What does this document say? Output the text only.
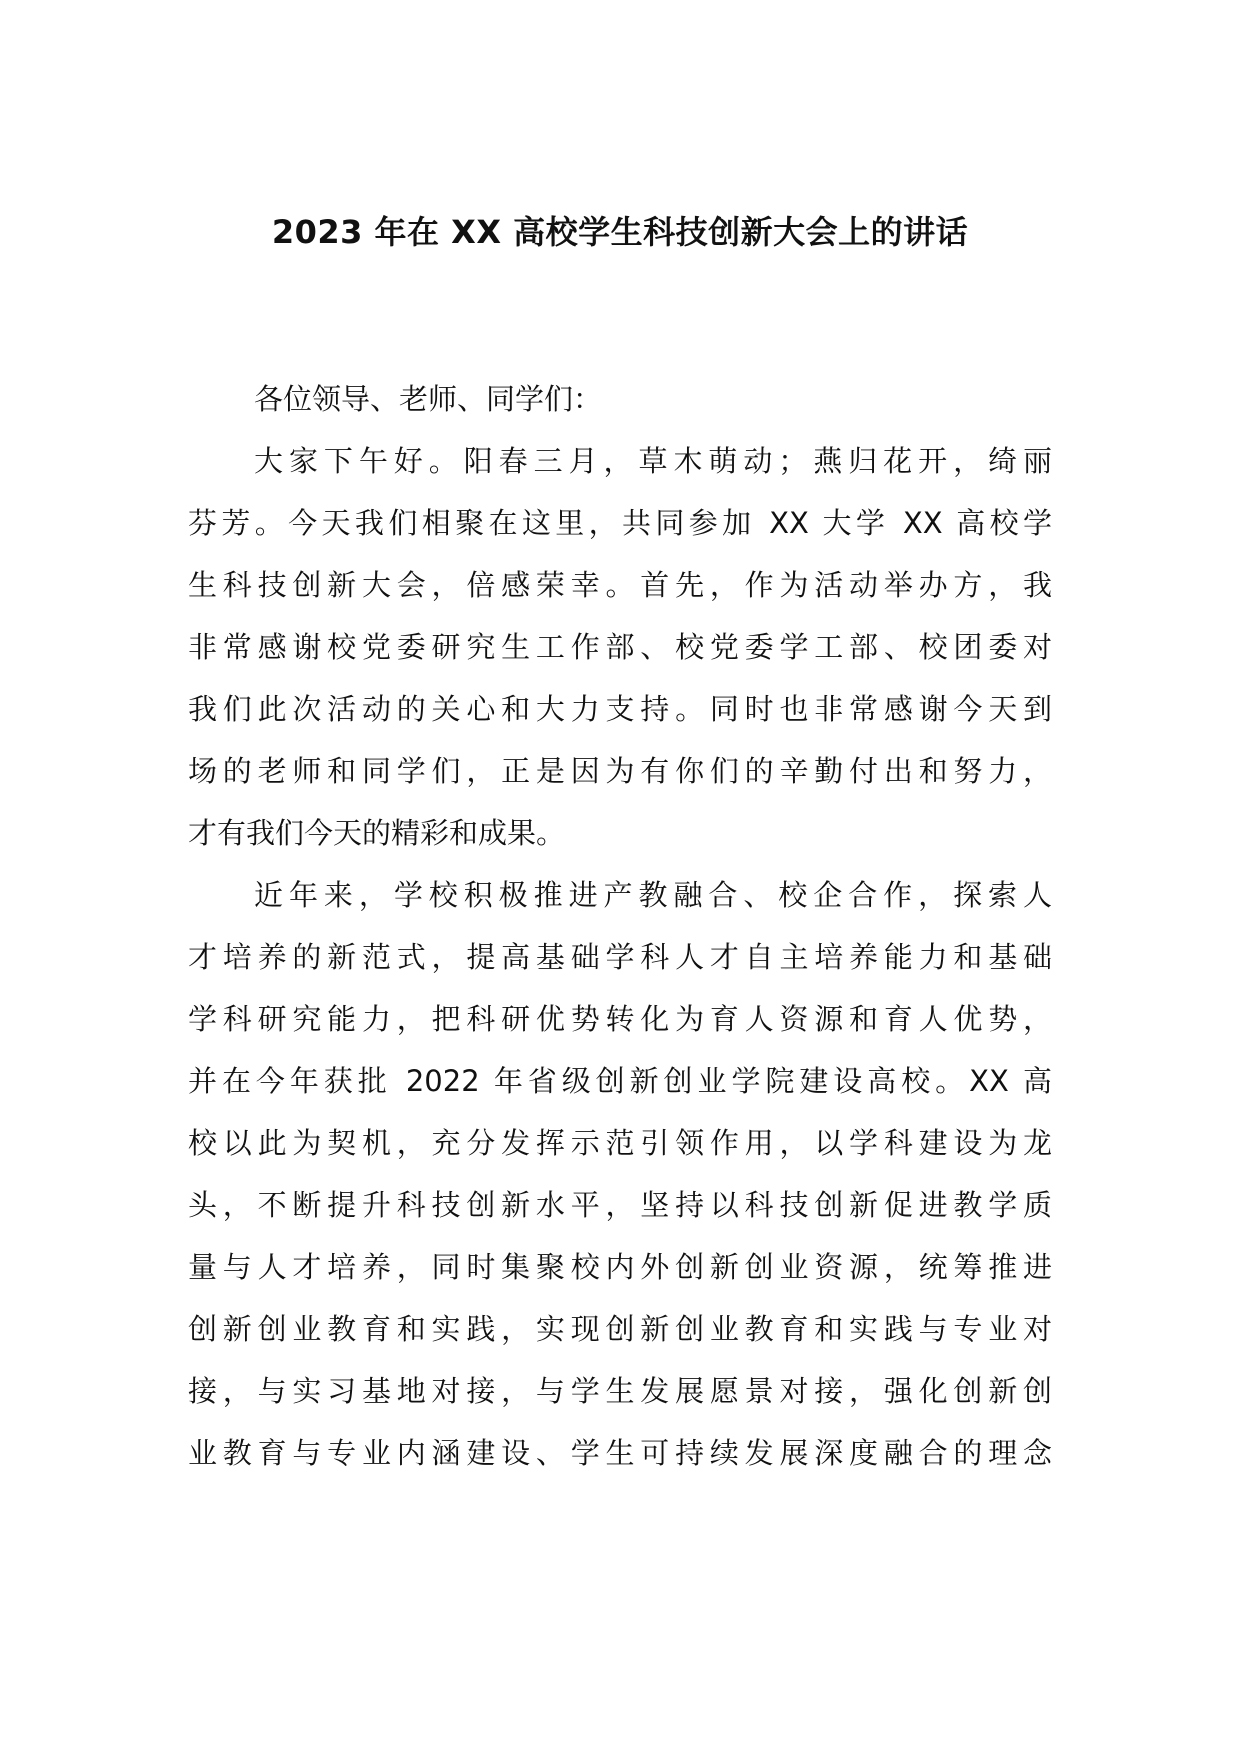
2023 年在 XX 高校学生科技创新大会上的讲话
各位领导、老师、同学们：
大家下午好。阳春三月，草木萌动；燕归花开，绮丽
芬芳。今天我们相聚在这里，共同参加 XX 大学 XX 高校学
生科技创新大会，倍感荣幸。首先，作为活动举办方，我
非常感谢校党委研究生工作部、校党委学工部、校团委对
我们此次活动的关心和大力支持。同时也非常感谢今天到
场的老师和同学们，正是因为有你们的辛勤付出和努力，
才有我们今天的精彩和成果。
近年来，学校积极推进产教融合、校企合作，探索人
才培养的新范式，提高基础学科人才自主培养能力和基础
学科研究能力，把科研优势转化为育人资源和育人优势，
并在今年获批 2022 年省级创新创业学院建设高校。XX 高
校以此为契机，充分发挥示范引领作用，以学科建设为龙
头，不断提升科技创新水平，坚持以科技创新促进教学质
量与人才培养，同时集聚校内外创新创业资源，统筹推进
创新创业教育和实践，实现创新创业教育和实践与专业对
接，与实习基地对接，与学生发展愿景对接，强化创新创
业教育与专业内涵建设、学生可持续发展深度融合的理念
